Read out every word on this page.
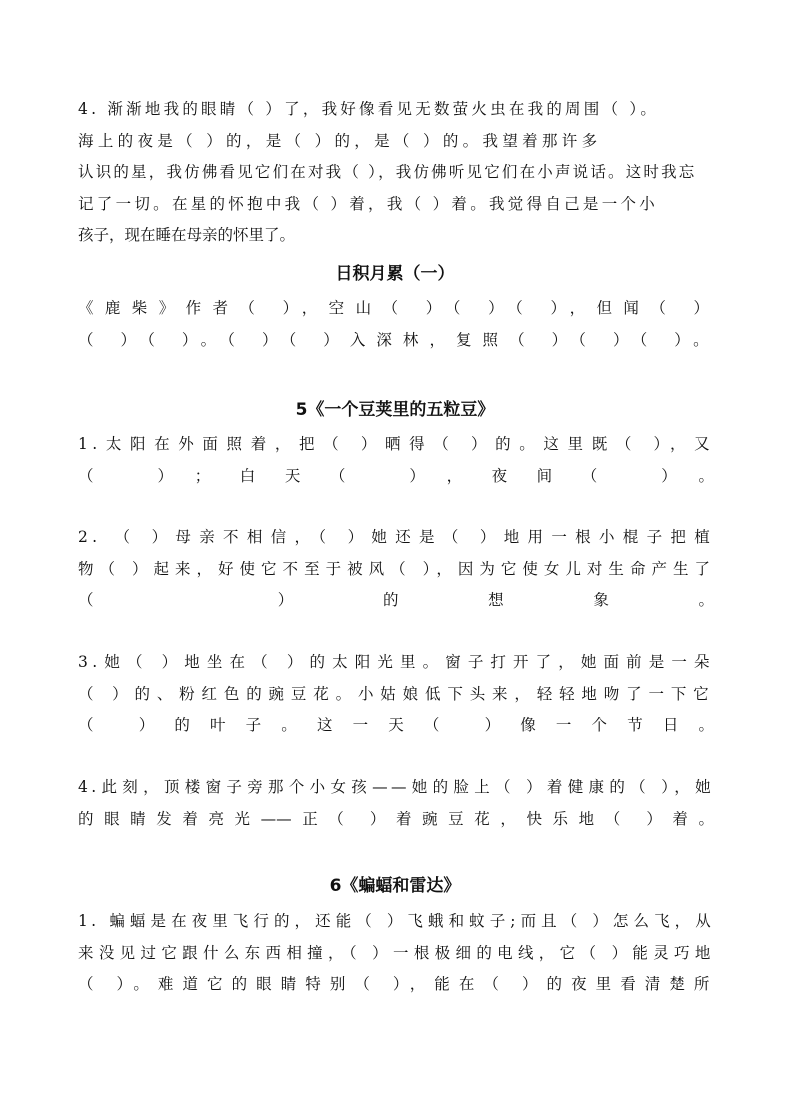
4. 渐渐地我的眼睛（ ）了，我好像看见无数萤火虫在我的周围（ ）。
海上的夜是（ ）的，是（ ）的，是（ ）的。我望着那许多
认识的星，我仿佛看见它们在对我（ ），我仿佛听见它们在小声说话。这时我忘
记了一切。在星的怀抱中我（ ）着，我（ ）着。我觉得自己是一个小
孩子，现在睡在母亲的怀里了。
日积月累（一）
《鹿柴》作者（ ），空山（ ）（ ）（ ），但闻（ ）
（ ）（ ）。（ ）（ ）入深林，复照（ ）（ ）（ ）。
5《一个豆荚里的五粒豆》
1.太阳在外面照着，把（ ）晒得（ ）的。这里既（ ），又
（ ）；白天（ ），夜间（ ）。
2. （ ）母亲不相信，（ ）她还是（ ）地用一根小棍子把植
物（ ）起来，好使它不至于被风（ ），因为它使女儿对生命产生了
（ ）的想象。
3.她（ ）地坐在（ ）的太阳光里。窗子打开了，她面前是一朵
（ ）的、粉红色的豌豆花。小姑娘低下头来，轻轻地吻了一下它
（ ）的叶子。这一天（ ）像一个节日。
4.此刻，顶楼窗子旁那个小女孩——她的脸上（ ）着健康的（ ），她
的眼睛发着亮光——正（ ）着豌豆花，快乐地（ ）着。
6《蝙蝠和雷达》
1. 蝙蝠是在夜里飞行的，还能（ ）飞蛾和蚊子;而且（ ）怎么飞，从
来没见过它跟什么东西相撞，（ ）一根极细的电线，它（ ）能灵巧地
（ ）。难道它的眼睛特别（ ），能在（ ）的夜里看清楚所
